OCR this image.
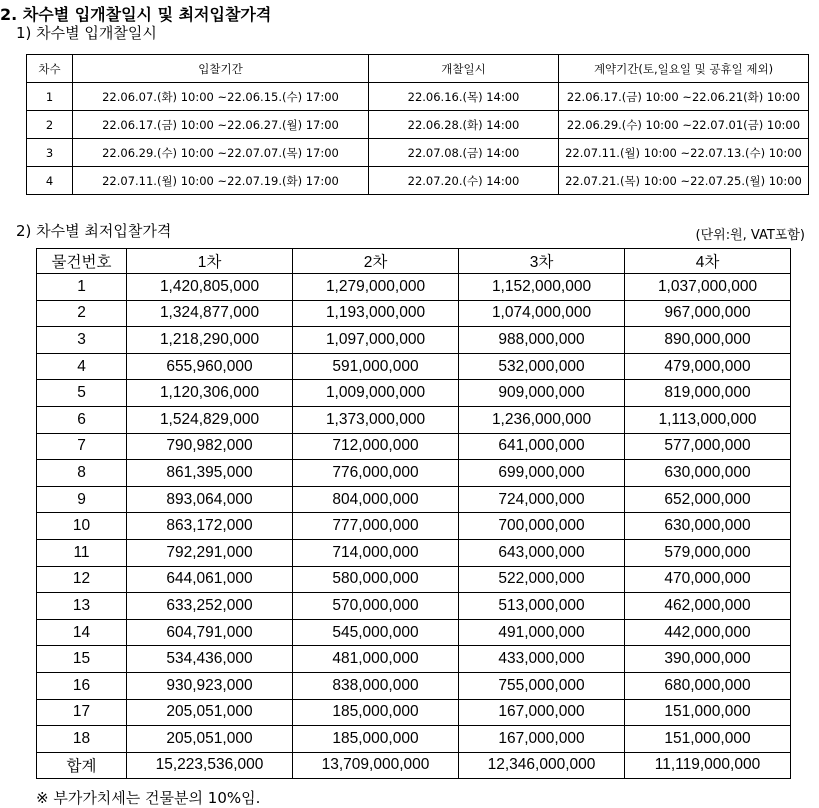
2. 차수별 입개찰일시 및 최저입찰가격
1) 차수별 입개찰일시
차수	입찰기간	개찰일시	계약기간(토,일요일 및 공휴일 제외)
1	22.06.07.(화) 10:00 ~22.06.15.(수) 17:00	22.06.16.(목) 14:00	22.06.17.(금) 10:00 ~22.06.21(화) 10:00
2	22.06.17.(금) 10:00 ~22.06.27.(월) 17:00	22.06.28.(화) 14:00	22.06.29.(수) 10:00 ~22.07.01(금) 10:00
3	22.06.29.(수) 10:00 ~22.07.07.(목) 17:00	22.07.08.(금) 14:00	22.07.11.(월) 10:00 ~22.07.13.(수) 10:00
4	22.07.11.(월) 10:00 ~22.07.19.(화) 17:00	22.07.20.(수) 14:00	22.07.21.(목) 10:00 ~22.07.25.(월) 10:00
2) 차수별 최저입찰가격	(단위:원, VAT포함)
물건번호	1차	2차	3차	4차
1	1,420,805,000	1,279,000,000	1,152,000,000	1,037,000,000
2	1,324,877,000	1,193,000,000	1,074,000,000	967,000,000
3	1,218,290,000	1,097,000,000	988,000,000	890,000,000
4	655,960,000	591,000,000	532,000,000	479,000,000
5	1,120,306,000	1,009,000,000	909,000,000	819,000,000
6	1,524,829,000	1,373,000,000	1,236,000,000	1,113,000,000
7	790,982,000	712,000,000	641,000,000	577,000,000
8	861,395,000	776,000,000	699,000,000	630,000,000
9	893,064,000	804,000,000	724,000,000	652,000,000
10	863,172,000	777,000,000	700,000,000	630,000,000
11	792,291,000	714,000,000	643,000,000	579,000,000
12	644,061,000	580,000,000	522,000,000	470,000,000
13	633,252,000	570,000,000	513,000,000	462,000,000
14	604,791,000	545,000,000	491,000,000	442,000,000
15	534,436,000	481,000,000	433,000,000	390,000,000
16	930,923,000	838,000,000	755,000,000	680,000,000
17	205,051,000	185,000,000	167,000,000	151,000,000
18	205,051,000	185,000,000	167,000,000	151,000,000
합계	15,223,536,000	13,709,000,000	12,346,000,000	11,119,000,000
※ 부가가치세는 건물분의 10%임.
